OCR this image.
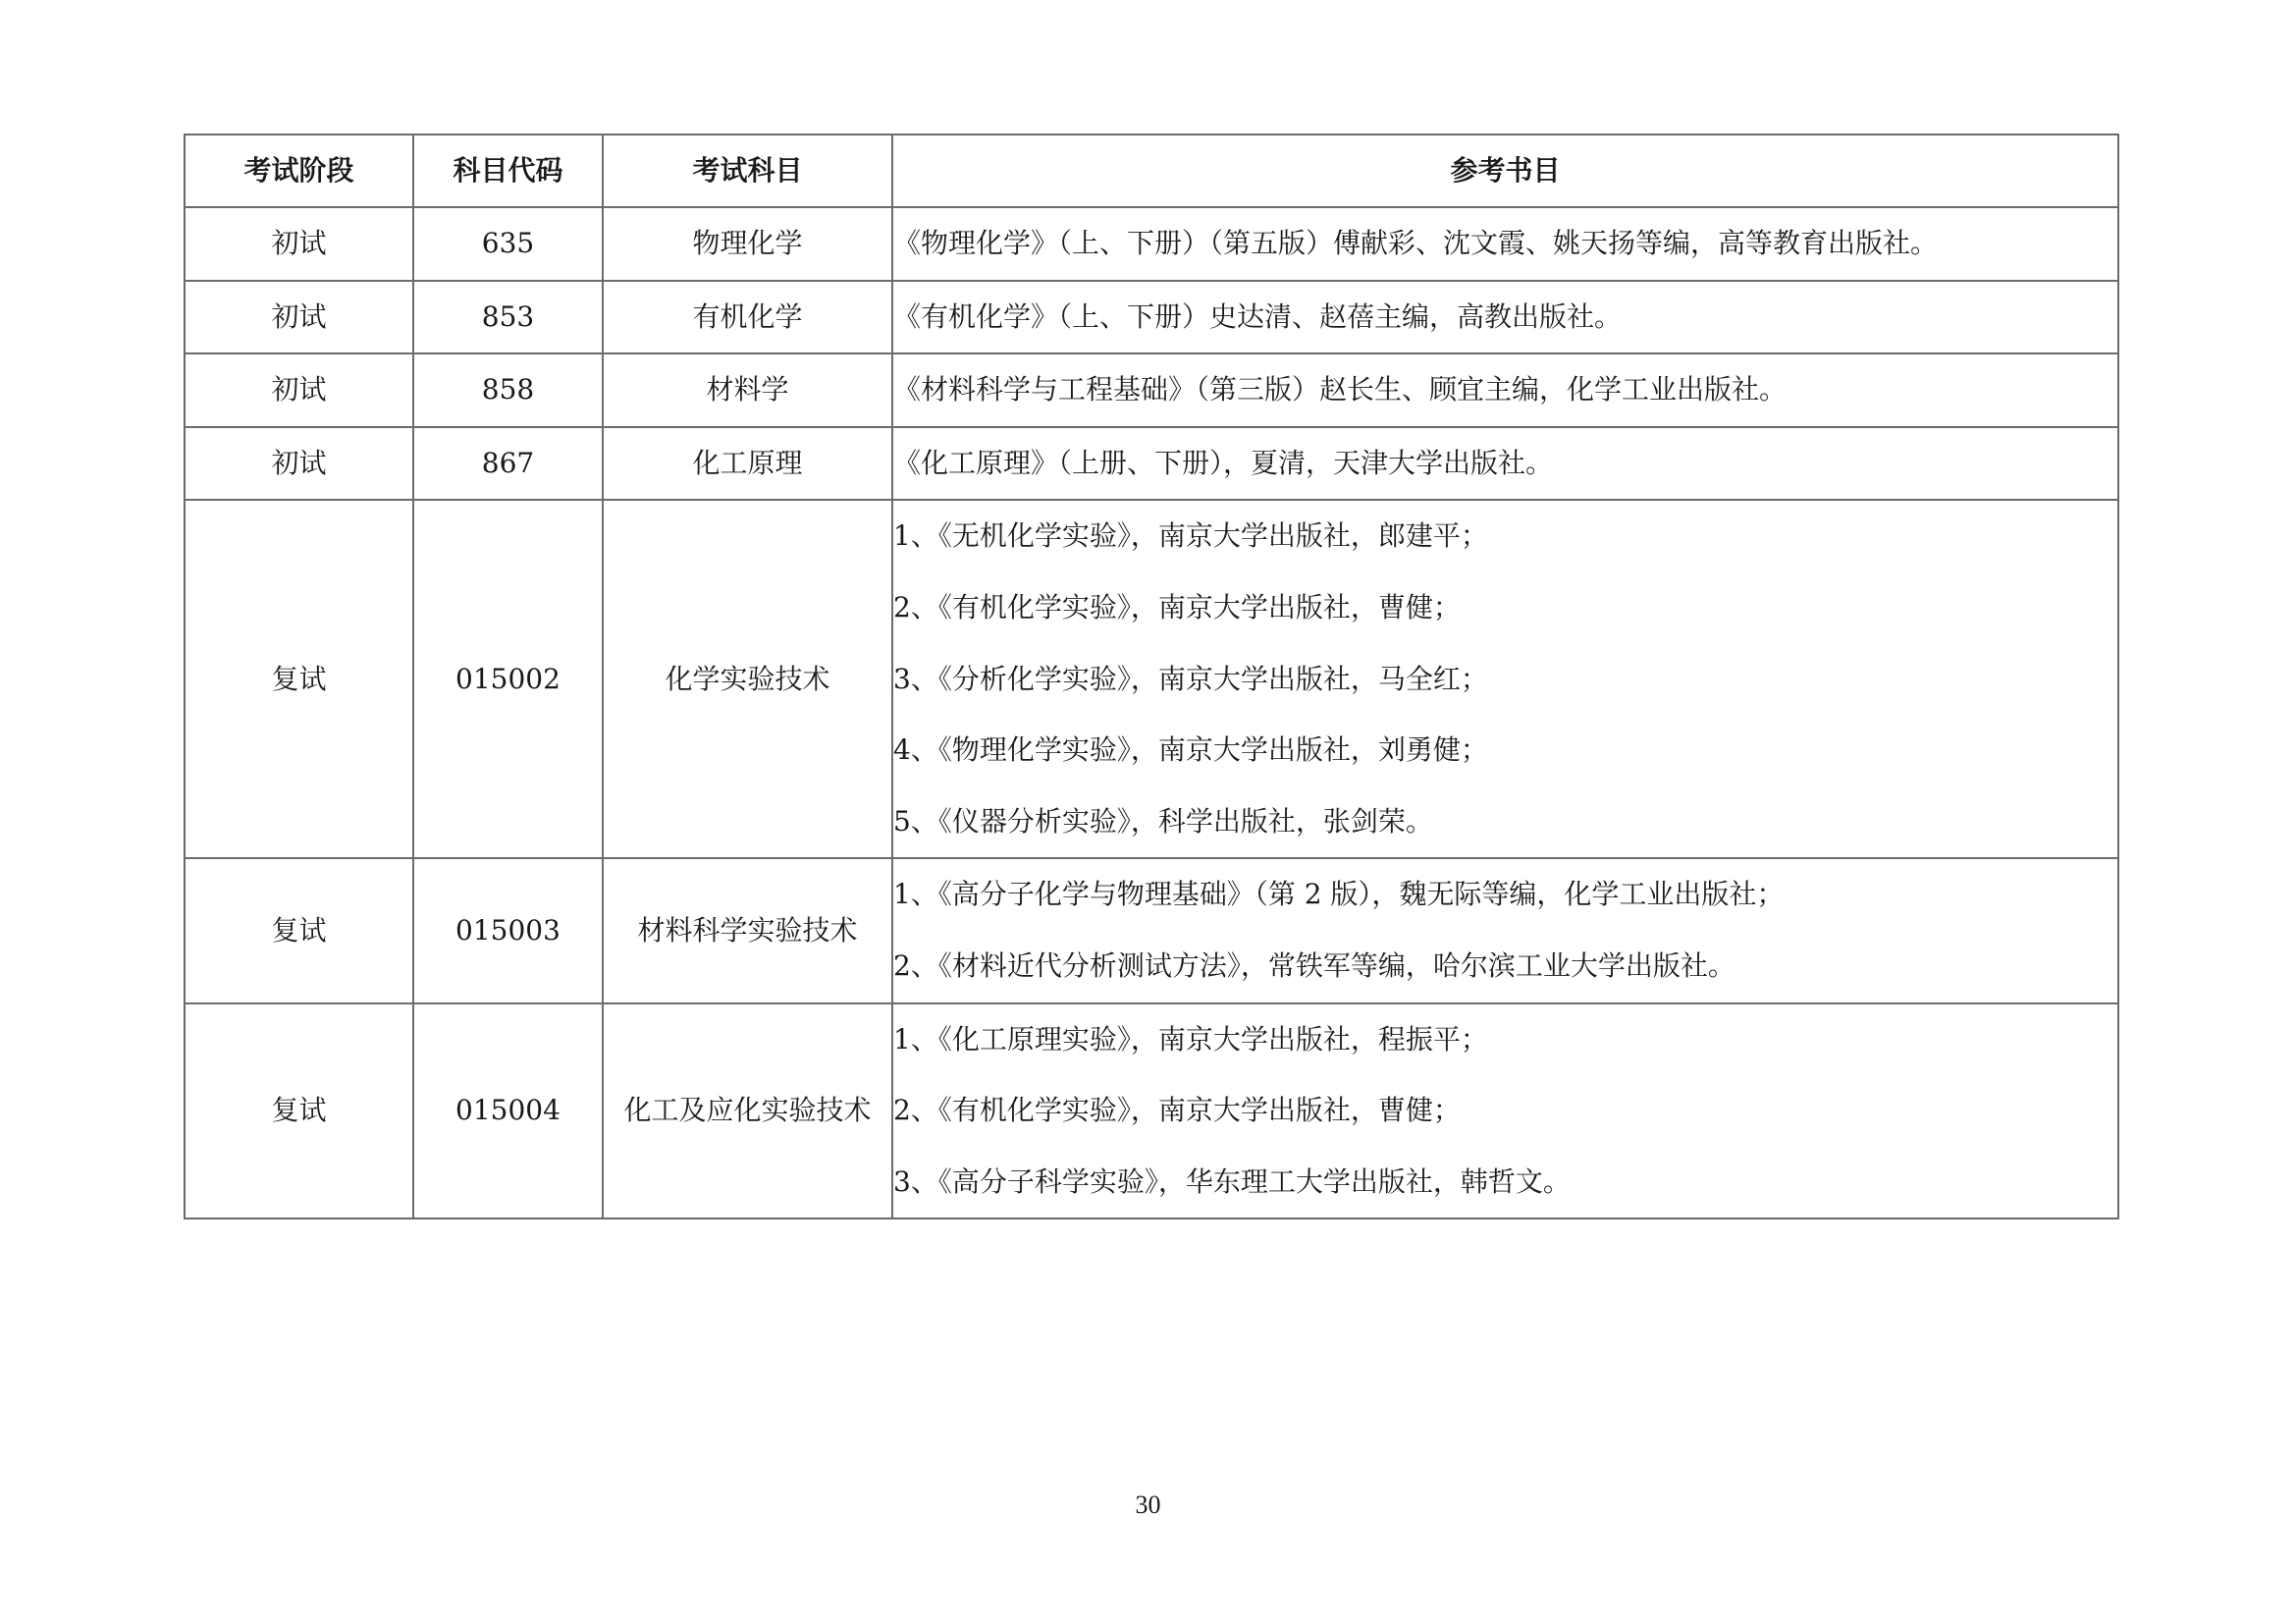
考试阶段	科目代码	考试科目	参考书目
初试	635	物理化学	《物理化学》（上、下册）（第五版）傅献彩、沈文霞、姚天扬等编，高等教育出版社。

初试	853	有机化学	《有机化学》（上、下册）史达清、赵蓓主编，高教出版社。

初试	858	材料学	《材料科学与工程基础》（第三版）赵长生、顾宜主编，化学工业出版社。

初试	867	化工原理	《化工原理》（上册、下册），夏清，天津大学出版社。

复试	015002	化学实验技术	1、《无机化学实验》，南京大学出版社，郎建平；
2、《有机化学实验》，南京大学出版社，曹健；
3、《分析化学实验》，南京大学出版社，马全红；
4、《物理化学实验》，南京大学出版社，刘勇健；
5、《仪器分析实验》，科学出版社，张剑荣。

复试	015003	材料科学实验技术	1、《高分子化学与物理基础》（第 2 版），魏无际等编，化学工业出版社；
2、《材料近代分析测试方法》，常铁军等编，哈尔滨工业大学出版社。

复试	015004	化工及应化实验技术	1、《化工原理实验》，南京大学出版社，程振平；
2、《有机化学实验》，南京大学出版社，曹健；
3、《高分子科学实验》，华东理工大学出版社，韩哲文。
30
